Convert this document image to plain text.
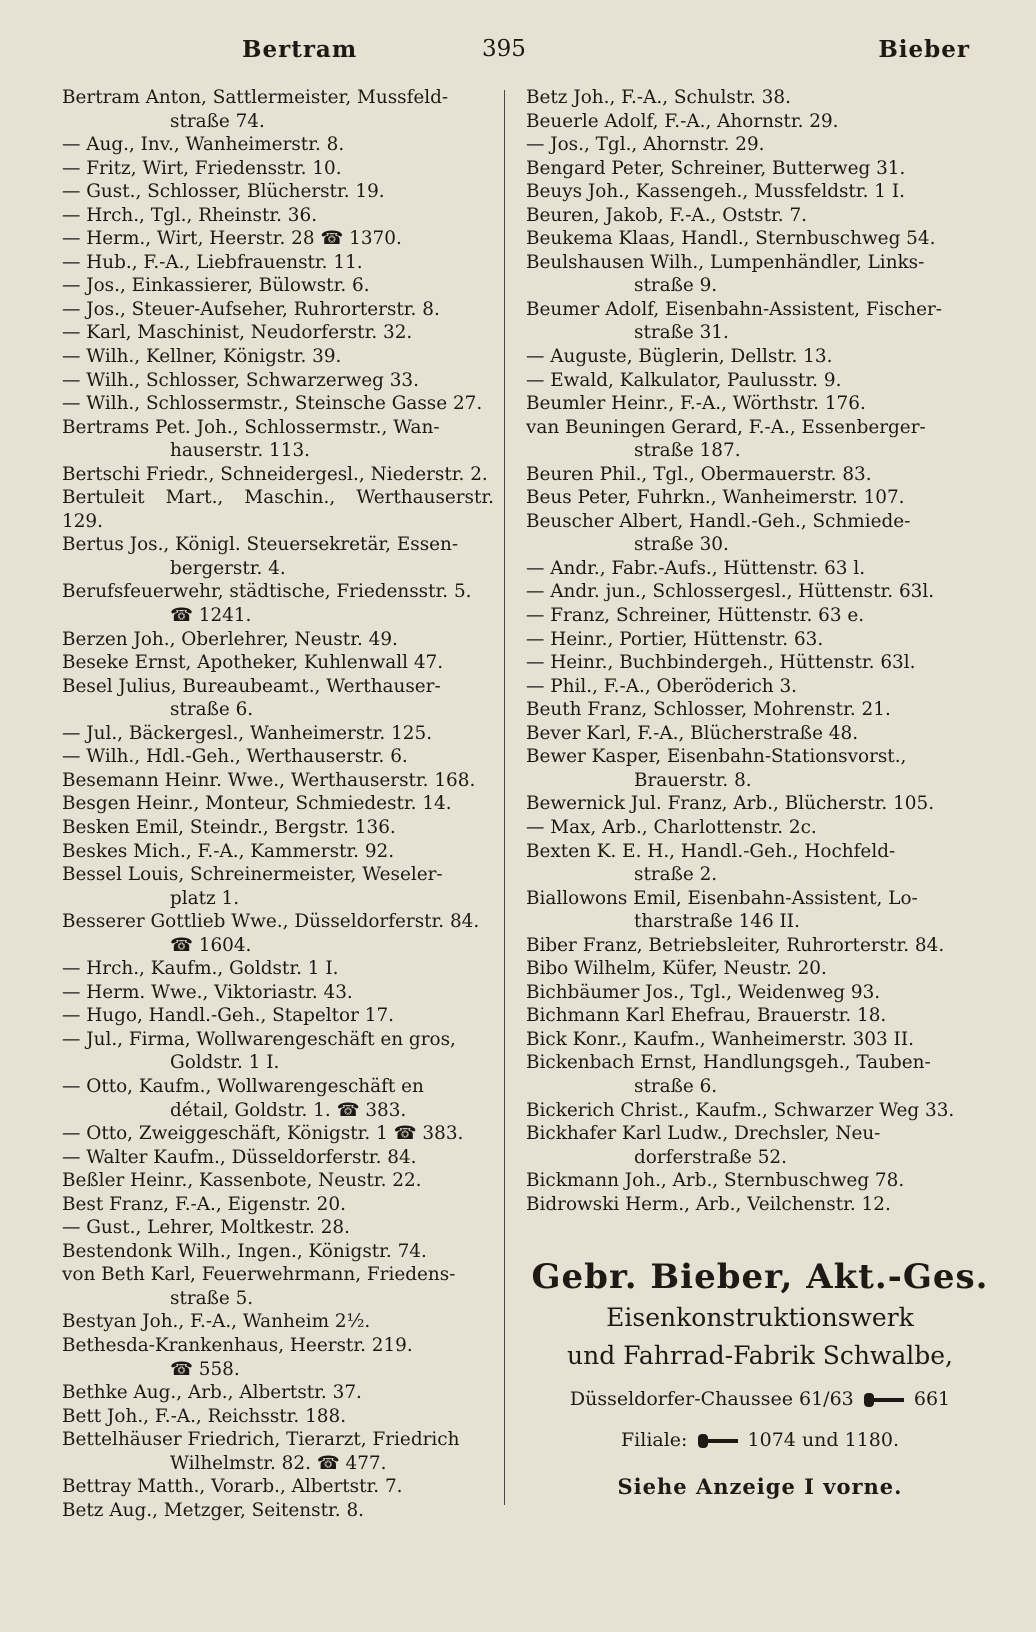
Bertram	395	Bieber
Bertram Anton, Sattlermeister, Mussfeld-
straße 74.
— Aug., Inv., Wanheimerstr. 8.
— Fritz, Wirt, Friedensstr. 10.
— Gust., Schlosser, Blücherstr. 19.
— Hrch., Tgl., Rheinstr. 36.
— Herm., Wirt, Heerstr. 28 ☎ 1370.
— Hub., F.-A., Liebfrauenstr. 11.
— Jos., Einkassierer, Bülowstr. 6.
— Jos., Steuer-Aufseher, Ruhrorterstr. 8.
— Karl, Maschinist, Neudorferstr. 32.
— Wilh., Kellner, Königstr. 39.
— Wilh., Schlosser, Schwarzerweg 33.
— Wilh., Schlossermstr., Steinsche Gasse 27.
Bertrams Pet. Joh., Schlossermstr., Wan-
hauserstr. 113.
Bertschi Friedr., Schneidergesl., Niederstr. 2.
Bertuleit Mart., Maschin., Werthauserstr. 129.
Bertus Jos., Königl. Steuersekretär, Essen-
bergerstr. 4.
Berufsfeuerwehr, städtische, Friedensstr. 5.
☎ 1241.
Berzen Joh., Oberlehrer, Neustr. 49.
Beseke Ernst, Apotheker, Kuhlenwall 47.
Besel Julius, Bureaubeamt., Werthauser-
straße 6.
— Jul., Bäckergesl., Wanheimerstr. 125.
— Wilh., Hdl.-Geh., Werthauserstr. 6.
Besemann Heinr. Wwe., Werthauserstr. 168.
Besgen Heinr., Monteur, Schmiedestr. 14.
Besken Emil, Steindr., Bergstr. 136.
Beskes Mich., F.-A., Kammerstr. 92.
Bessel Louis, Schreinermeister, Weseler-
platz 1.
Besserer Gottlieb Wwe., Düsseldorferstr. 84.
☎ 1604.
— Hrch., Kaufm., Goldstr. 1 I.
— Herm. Wwe., Viktoriastr. 43.
— Hugo, Handl.-Geh., Stapeltor 17.
— Jul., Firma, Wollwarengeschäft en gros,
Goldstr. 1 I.
— Otto, Kaufm., Wollwarengeschäft en
détail, Goldstr. 1. ☎ 383.
— Otto, Zweiggeschäft, Königstr. 1 ☎ 383.
— Walter Kaufm., Düsseldorferstr. 84.
Beßler Heinr., Kassenbote, Neustr. 22.
Best Franz, F.-A., Eigenstr. 20.
— Gust., Lehrer, Moltkestr. 28.
Bestendonk Wilh., Ingen., Königstr. 74.
von Beth Karl, Feuerwehrmann, Friedens-
straße 5.
Bestyan Joh., F.-A., Wanheim 2½.
Bethesda-Krankenhaus, Heerstr. 219.
☎ 558.
Bethke Aug., Arb., Albertstr. 37.
Bett Joh., F.-A., Reichsstr. 188.
Bettelhäuser Friedrich, Tierarzt, Friedrich
Wilhelmstr. 82. ☎ 477.
Bettray Matth., Vorarb., Albertstr. 7.
Betz Aug., Metzger, Seitenstr. 8.
Betz Joh., F.-A., Schulstr. 38.
Beuerle Adolf, F.-A., Ahornstr. 29.
— Jos., Tgl., Ahornstr. 29.
Bengard Peter, Schreiner, Butterweg 31.
Beuys Joh., Kassengeh., Mussfeldstr. 1 I.
Beuren, Jakob, F.-A., Oststr. 7.
Beukema Klaas, Handl., Sternbuschweg 54.
Beulshausen Wilh., Lumpenhändler, Links-
straße 9.
Beumer Adolf, Eisenbahn-Assistent, Fischer-
straße 31.
— Auguste, Büglerin, Dellstr. 13.
— Ewald, Kalkulator, Paulusstr. 9.
Beumler Heinr., F.-A., Wörthstr. 176.
van Beuningen Gerard, F.-A., Essenberger-
straße 187.
Beuren Phil., Tgl., Obermauerstr. 83.
Beus Peter, Fuhrkn., Wanheimerstr. 107.
Beuscher Albert, Handl.-Geh., Schmiede-
straße 30.
— Andr., Fabr.-Aufs., Hüttenstr. 63 l.
— Andr. jun., Schlossergesl., Hüttenstr. 63l.
— Franz, Schreiner, Hüttenstr. 63 e.
— Heinr., Portier, Hüttenstr. 63.
— Heinr., Buchbindergeh., Hüttenstr. 63l.
— Phil., F.-A., Oberöderich 3.
Beuth Franz, Schlosser, Mohrenstr. 21.
Bever Karl, F.-A., Blücherstraße 48.
Bewer Kasper, Eisenbahn-Stationsvorst.,
Brauerstr. 8.
Bewernick Jul. Franz, Arb., Blücherstr. 105.
— Max, Arb., Charlottenstr. 2c.
Bexten K. E. H., Handl.-Geh., Hochfeld-
straße 2.
Biallowons Emil, Eisenbahn-Assistent, Lo-
tharstraße 146 II.
Biber Franz, Betriebsleiter, Ruhrorterstr. 84.
Bibo Wilhelm, Küfer, Neustr. 20.
Bichbäumer Jos., Tgl., Weidenweg 93.
Bichmann Karl Ehefrau, Brauerstr. 18.
Bick Konr., Kaufm., Wanheimerstr. 303 II.
Bickenbach Ernst, Handlungsgeh., Tauben-
straße 6.
Bickerich Christ., Kaufm., Schwarzer Weg 33.
Bickhafer Karl Ludw., Drechsler, Neu-
dorferstraße 52.
Bickmann Joh., Arb., Sternbuschweg 78.
Bidrowski Herm., Arb., Veilchenstr. 12.
Gebr. Bieber, Akt.-Ges.
Eisenkonstruktionswerk
und Fahrrad-Fabrik Schwalbe,
Düsseldorfer-Chaussee 61/63	661
Filiale:	1074 und 1180.
Siehe Anzeige I vorne.
